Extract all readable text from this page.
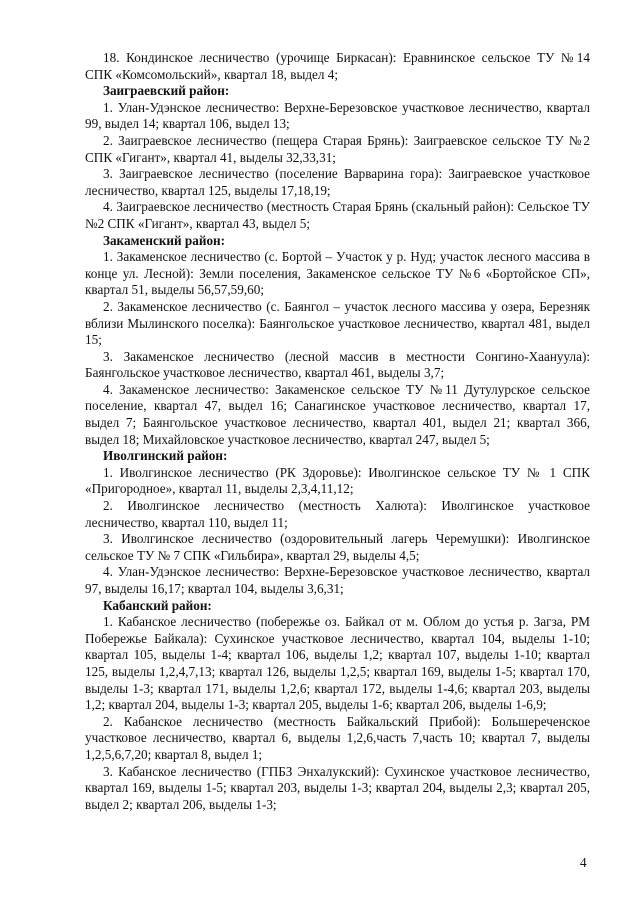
18. Кондинское лесничество (урочище Биркасан): Еравнинское сельское ТУ №14 СПК «Комсомольский», квартал 18, выдел 4;

Заиграевский район:

1. Улан-Удэнское лесничество: Верхне-Березовское участковое лесничество, квартал 99, выдел 14; квартал 106, выдел 13;

2. Заиграевское лесничество (пещера Старая Брянь): Заиграевское сельское ТУ №2 СПК «Гигант», квартал 41, выделы 32,33,31;

3. Заиграевское лесничество (поселение Варварина гора): Заиграевское участковое лесничество, квартал 125, выделы 17,18,19;

4. Заиграевское лесничество (местность Старая Брянь (скальный район): Сельское ТУ №2 СПК «Гигант», квартал 43, выдел 5;

Закаменский район:

1. Закаменское лесничество (с. Бортой – Участок у р. Нуд; участок лесного массива в конце ул. Лесной): Земли поселения, Закаменское сельское ТУ №6 «Бортойское СП», квартал 51, выделы 56,57,59,60;

2. Закаменское лесничество (с. Баянгол – участок лесного массива у озера, Березняк вблизи Мылинского поселка): Баянгольское участковое лесничество, квартал 481, выдел 15;

3. Закаменское лесничество (лесной массив в местности Сонгино-Хаануула): Баянгольское участковое лесничество, квартал 461, выделы 3,7;

4. Закаменское лесничество: Закаменское сельское ТУ №11 Дутулурское сельское поселение, квартал 47, выдел 16; Санагинское участковое лесничество, квартал 17, выдел 7; Баянгольское участковое лесничество, квартал 401, выдел 21; квартал 366, выдел 18; Михайловское участковое лесничество, квартал 247, выдел 5;

Иволгинский район:

1. Иволгинское лесничество (РК Здоровье): Иволгинское сельское ТУ № 1 СПК «Пригородное», квартал 11, выделы 2,3,4,11,12;

2. Иволгинское лесничество (местность Халюта): Иволгинское участковое лесничество, квартал 110, выдел 11;

3. Иволгинское лесничество (оздоровительный лагерь Черемушки): Иволгинское сельское ТУ № 7 СПК «Гильбира», квартал 29, выделы 4,5;

4. Улан-Удэнское лесничество: Верхне-Березовское участковое лесничество, квартал 97, выделы 16,17; квартал 104, выделы 3,6,31;

Кабанский район:

1. Кабанское лесничество (побережье оз. Байкал от м. Облом до устья р. Загза, РМ Побережье Байкала): Сухинское участковое лесничество, квартал 104, выделы 1-10; квартал 105, выделы 1-4; квартал 106, выделы 1,2; квартал 107, выделы 1-10; квартал 125, выделы 1,2,4,7,13; квартал 126, выделы 1,2,5; квартал 169, выделы 1-5; квартал 170, выделы 1-3; квартал 171, выделы 1,2,6; квартал 172, выделы 1-4,6; квартал 203, выделы 1,2; квартал 204, выделы 1-3; квартал 205, выделы 1-6; квартал 206, выделы 1-6,9;

2. Кабанское лесничество (местность Байкальский Прибой): Большереченское участковое лесничество, квартал 6, выделы 1,2,6,часть 7,часть 10; квартал 7, выделы 1,2,5,6,7,20; квартал 8, выдел 1;

3. Кабанское лесничество (ГПБЗ Энхалукский): Сухинское участковое лесничество, квартал 169, выделы 1-5; квартал 203, выделы 1-3; квартал 204, выделы 2,3; квартал 205, выдел 2; квартал 206, выделы 1-3;

4
